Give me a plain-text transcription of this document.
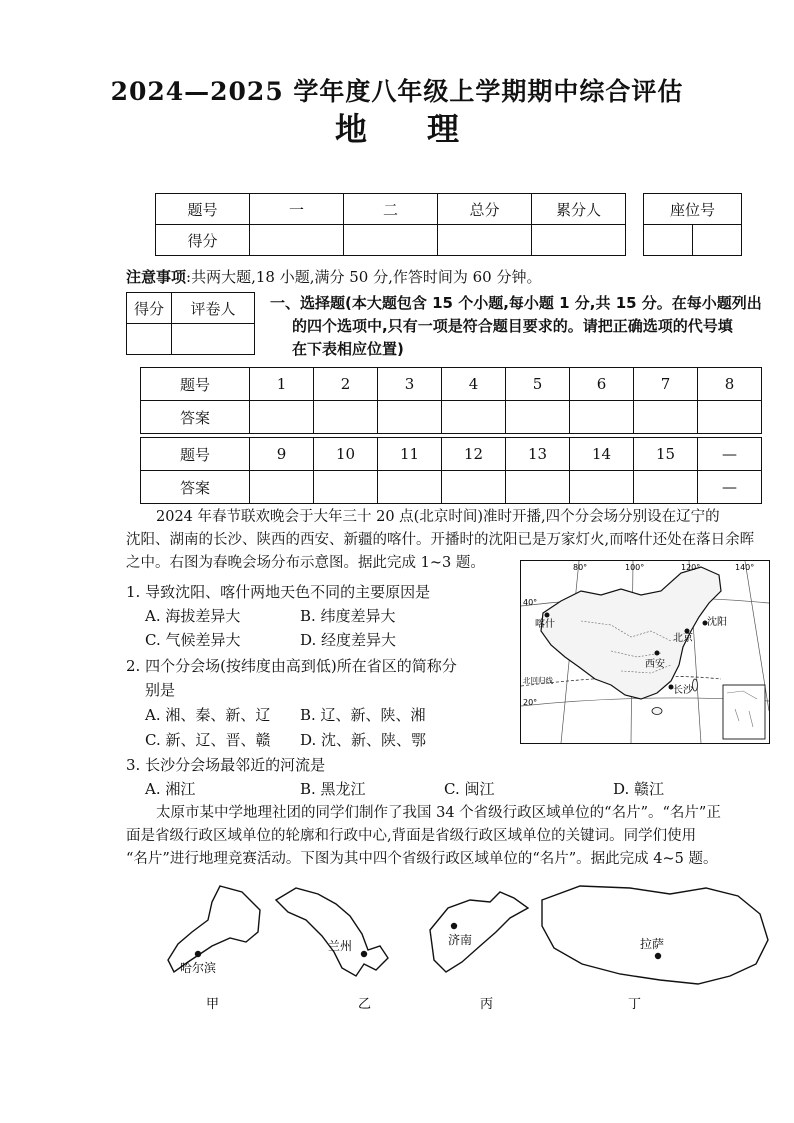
2024—2025 学年度八年级上学期期中综合评估
地理
题号	一	二	总分	累分人
得分				
座位号

注意事项:共两大题,18 小题,满分 50 分,作答时间为 60 分钟。
得分	评卷人
	一、选择题(本大题包含 15 个小题,每小题 1 分,共 15 分。在每小题列出
的四个选项中,只有一项是符合题目要求的。请把正确选项的代号填
在下表相应位置)
题号	1	2	3	4	5	6	7	8
答案								

题号	9	10	11	12	13	14	15	—
答案								—
2024 年春节联欢晚会于大年三十 20 点(北京时间)准时开播,四个分会场分别设在辽宁的
沈阳、湖南的长沙、陕西的西安、新疆的喀什。开播时的沈阳已是万家灯火,而喀什还处在落日余晖
之中。右图为春晚会场分布示意图。据此完成 1~3 题。
1. 导致沈阳、喀什两地天色不同的主要原因是
A. 海拔差异大	B. 纬度差异大
C. 气候差异大	D. 经度差异大
2. 四个分会场(按纬度由高到低)所在省区的简称分
别是
A. 湘、秦、新、辽 B. 辽、新、陕、湘
C. 新、辽、晋、赣 D. 沈、新、陕、鄂
3. 长沙分会场最邻近的河流是
A. 湘江	B. 黑龙江	C. 闽江	D. 赣江
80°	100°	120°	140°
40°
20°
喀什
北京
沈阳
西安
长沙
北回归线
太原市某中学地理社团的同学们制作了我国 34 个省级行政区域单位的“名片”。“名片”正
面是省级行政区域单位的轮廓和行政中心,背面是省级行政区域单位的关键词。同学们使用
“名片”进行地理竞赛活动。下图为其中四个省级行政区域单位的“名片”。据此完成 4~5 题。
哈尔滨
甲
兰州
乙
济南
丙
拉萨
丁
